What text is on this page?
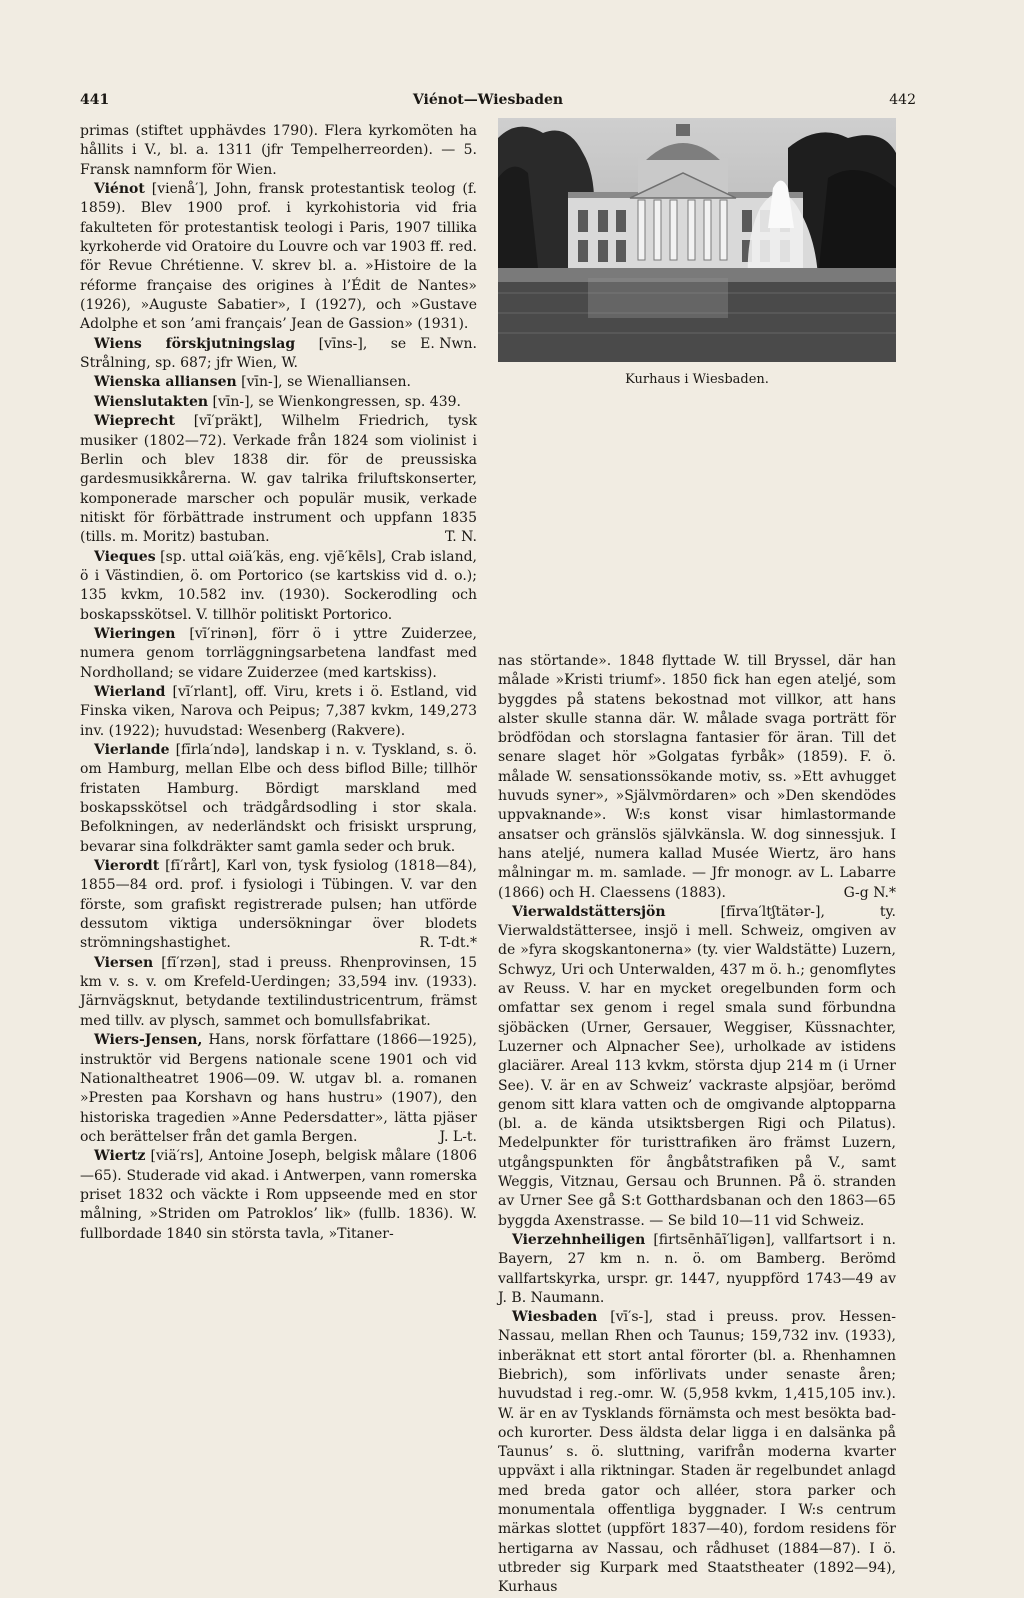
441	Viénot—Wiesbaden	442

primas (stiftet upphävdes 1790). Flera kyrkomöten ha hållits i V., bl. a. 1311 (jfr Tempelherreorden). — 5. Fransk namnform för Wien.

Viénot [vienå′], John, fransk protestantisk teolog (f. 1859). Blev 1900 prof. i kyrkohistoria vid fria fakulteten för protestantisk teologi i Paris, 1907 tillika kyrkoherde vid Oratoire du Louvre och var 1903 ff. red. för Revue Chrétienne. V. skrev bl. a. »Histoire de la réforme française des origines à l’Édit de Nantes» (1926), »Auguste Sabatier», I (1927), och »Gustave Adolphe et son ’ami français’ Jean de Gassion» (1931).
E. Nwn.

Wiens förskjutningslag [vīns-], se Strålning, sp. 687; jfr Wien, W.

Wienska alliansen [vīn-], se Wienalliansen.

Wienslutakten [vīn-], se Wienkongressen, sp. 439.

Wieprecht [vī′präkt], Wilhelm Friedrich, tysk musiker (1802—72). Verkade från 1824 som violinist i Berlin och blev 1838 dir. för de preussiska gardesmusikkårerna. W. gav talrika friluftskonserter, komponerade marscher och populär musik, verkade nitiskt för förbättrade instrument och uppfann 1835 (tills. m. Moritz) bastuban.	T. N.

Vieques [sp. uttal ɷiä′käs, eng. vjē′kēls], Crab island, ö i Västindien, ö. om Portorico (se kartskiss vid d. o.); 135 kvkm, 10.582 inv. (1930). Sockerodling och boskapsskötsel. V. tillhör politiskt Portorico.

Wieringen [vī′rinən], förr ö i yttre Zuiderzee, numera genom torrläggningsarbetena landfast med Nordholland; se vidare Zuiderzee (med kartskiss).

Wierland [vī′rlant], off. Viru, krets i ö. Estland, vid Finska viken, Narova och Peipus; 7,387 kvkm, 149,273 inv. (1922); huvudstad: Wesenberg (Rakvere).

Vierlande [fīrla′ndə], landskap i n. v. Tyskland, s. ö. om Hamburg, mellan Elbe och dess biflod Bille; tillhör fristaten Hamburg. Bördigt marskland med boskapsskötsel och trädgårdsodling i stor skala. Befolkningen, av nederländskt och frisiskt ursprung, bevarar sina folkdräkter samt gamla seder och bruk.

Vierordt [fī′rårt], Karl von, tysk fysiolog (1818—84), 1855—84 ord. prof. i fysiologi i Tübingen. V. var den förste, som grafiskt registrerade pulsen; han utförde dessutom viktiga undersökningar över blodets strömningshastighet.	R. T-dt.*

Viersen [fī′rzən], stad i preuss. Rhenprovinsen, 15 km v. s. v. om Krefeld-Uerdingen; 33,594 inv. (1933). Järnvägsknut, betydande textilindustricentrum, främst med tillv. av plysch, sammet och bomullsfabrikat.

Wiers-Jensen, Hans, norsk författare (1866—1925), instruktör vid Bergens nationale scene 1901 och vid Nationaltheatret 1906—09. W. utgav bl. a. romanen »Presten paa Korshavn og hans hustru» (1907), den historiska tragedien »Anne Pedersdatter», lätta pjäser och berättelser från det gamla Bergen.	J. L-t.

Wiertz [viä′rs], Antoine Joseph, belgisk målare (1806—65). Studerade vid akad. i Antwerpen, vann romerska priset 1832 och väckte i Rom uppseende med en stor målning, »Striden om Patroklos’ lik» (fullb. 1836). W. fullbordade 1840 sin största tavla, »Titaner-

Kurhaus i Wiesbaden.

nas störtande». 1848 flyttade W. till Bryssel, där han målade »Kristi triumf». 1850 fick han egen ateljé, som byggdes på statens bekostnad mot villkor, att hans alster skulle stanna där. W. målade svaga porträtt för brödfödan och storslagna fantasier för äran. Till det senare slaget hör »Golgatas fyrbåk» (1859). F. ö. målade W. sensationssökande motiv, ss. »Ett avhugget huvuds syner», »Självmördaren» och »Den skendödes uppvaknande». W:s konst visar himlastormande ansatser och gränslös självkänsla. W. dog sinnessjuk. I hans ateljé, numera kallad Musée Wiertz, äro hans målningar m. m. samlade. — Jfr monogr. av L. Labarre (1866) och H. Claessens (1883).	G-g N.*

Vierwaldstättersjön [fīrva′ltʃtätər-], ty. Vierwaldstättersee, insjö i mell. Schweiz, omgiven av de »fyra skogskantonerna» (ty. vier Waldstätte) Luzern, Schwyz, Uri och Unterwalden, 437 m ö. h.; genomflytes av Reuss. V. har en mycket oregelbunden form och omfattar sex genom i regel smala sund förbundna sjöbäcken (Urner, Gersauer, Weggiser, Küssnachter, Luzerner och Alpnacher See), urholkade av istidens glaciärer. Areal 113 kvkm, största djup 214 m (i Urner See). V. är en av Schweiz’ vackraste alpsjöar, berömd genom sitt klara vatten och de omgivande alptopparna (bl. a. de kända utsiktsbergen Rigi och Pilatus). Medelpunkter för turisttrafiken äro främst Luzern, utgångspunkten för ångbåtstrafiken på V., samt Weggis, Vitznau, Gersau och Brunnen. På ö. stranden av Urner See gå S:t Gotthardsbanan och den 1863—65 byggda Axenstrasse. — Se bild 10—11 vid Schweiz.

Vierzehnheiligen [firtsēnhāī′ligən], vallfartsort i n. Bayern, 27 km n. n. ö. om Bamberg. Berömd vallfartskyrka, urspr. gr. 1447, nyuppförd 1743—49 av J. B. Naumann.

Wiesbaden [vī′s-], stad i preuss. prov. Hessen-Nassau, mellan Rhen och Taunus; 159,732 inv. (1933), inberäknat ett stort antal förorter (bl. a. Rhenhamnen Biebrich), som införlivats under senaste åren; huvudstad i reg.-omr. W. (5,958 kvkm, 1,415,105 inv.). W. är en av Tysklands förnämsta och mest besökta bad- och kurorter. Dess äldsta delar ligga i en dalsänka på Taunus’ s. ö. sluttning, varifrån moderna kvarter uppväxt i alla riktningar. Staden är regelbundet anlagd med breda gator och alléer, stora parker och monumentala offentliga byggnader. I W:s centrum märkas slottet (uppfört 1837—40), fordom residens för hertigarna av Nassau, och rådhuset (1884—87). I ö. utbreder sig Kurpark med Staatstheater (1892—94), Kurhaus
